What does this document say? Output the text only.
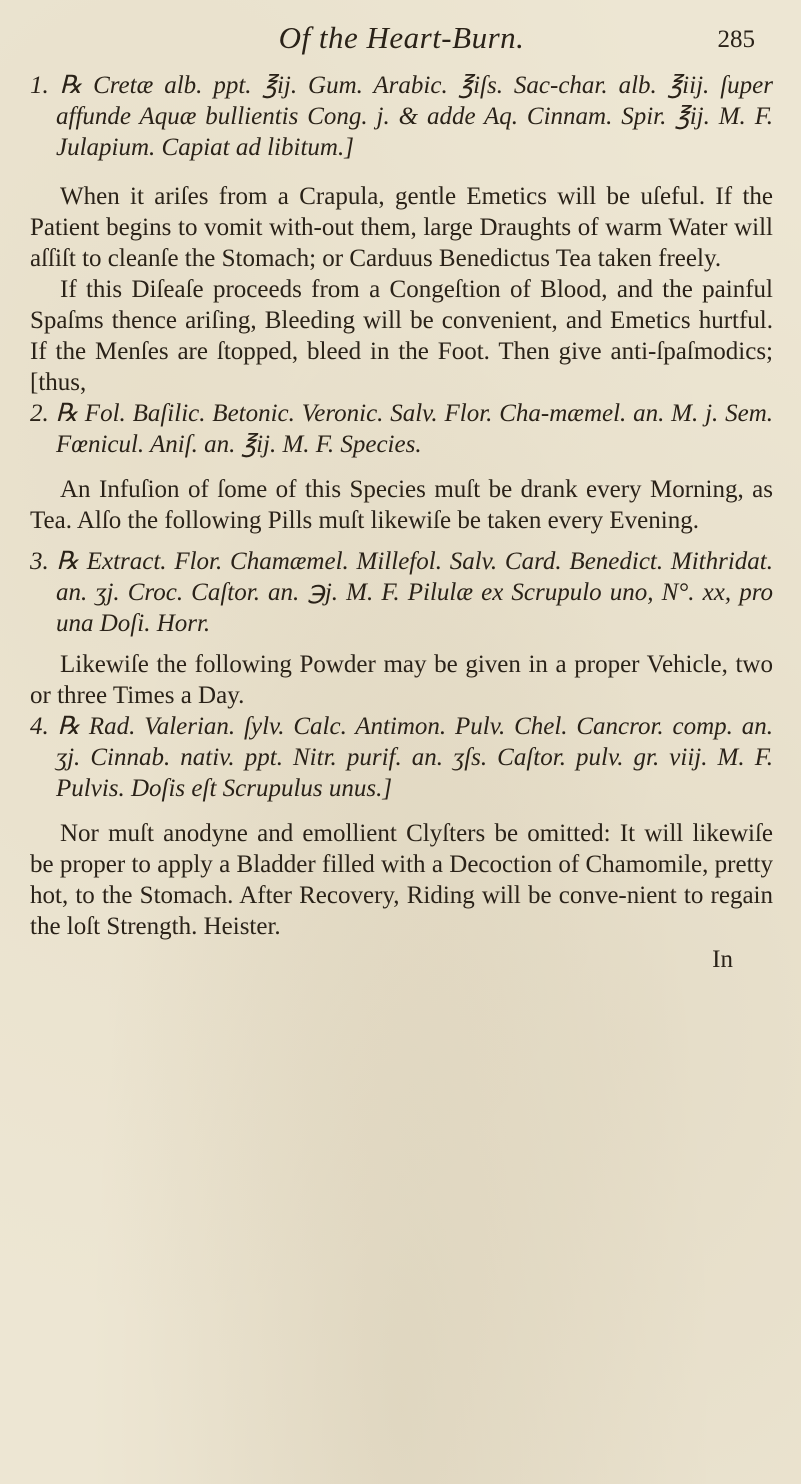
Of the Heart-Burn.	285

1. ℞ Cretæ alb. ppt. ℥ij. Gum. Arabic. ℥iſs. Sac-char. alb. ℥iij. ſuper affunde Aquæ bullientis Cong. j. & adde Aq. Cinnam. Spir. ℥ij. M. F. Julapium. Capiat ad libitum.]

When it ariſes from a Crapula, gentle Emetics will be uſeful. If the Patient begins to vomit with-out them, large Draughts of warm Water will aſſiſt to cleanſe the Stomach; or Carduus Benedictus Tea taken freely.

If this Diſeaſe proceeds from a Congeſtion of Blood, and the painful Spaſms thence ariſing, Bleeding will be convenient, and Emetics hurtful. If the Menſes are ſtopped, bleed in the Foot. Then give anti-ſpaſmodics; [thus,

2. ℞ Fol. Baſilic. Betonic. Veronic. Salv. Flor. Cha-mæmel. an. M. j. Sem. Fœnicul. Aniſ. an. ℥ij. M. F. Species.

An Infuſion of ſome of this Species muſt be drank every Morning, as Tea. Alſo the following Pills muſt likewiſe be taken every Evening.

3. ℞ Extract. Flor. Chamæmel. Millefol. Salv. Card. Benedict. Mithridat. an. ʒj. Croc. Caſtor. an. ℈j. M. F. Pilulæ ex Scrupulo uno, N°. xx, pro una Doſi. Horr.

Likewiſe the following Powder may be given in a proper Vehicle, two or three Times a Day.

4. ℞ Rad. Valerian. ſylv. Calc. Antimon. Pulv. Chel. Cancror. comp. an. ʒj. Cinnab. nativ. ppt. Nitr. purif. an. ʒſs. Caſtor. pulv. gr. viij. M. F. Pulvis. Doſis eſt Scrupulus unus.]

Nor muſt anodyne and emollient Clyſters be omitted: It will likewiſe be proper to apply a Bladder filled with a Decoction of Chamomile, pretty hot, to the Stomach. After Recovery, Riding will be conve-nient to regain the loſt Strength. Heister.

In
